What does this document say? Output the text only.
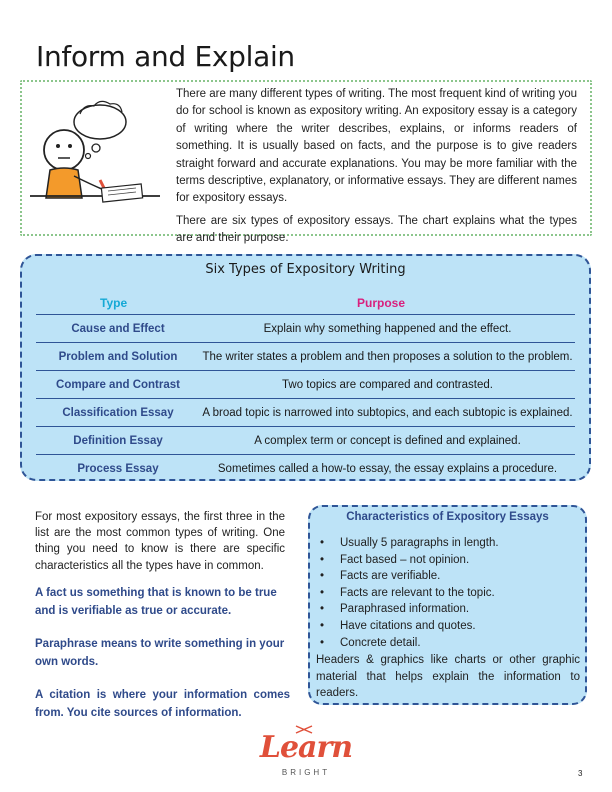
Inform and Explain

There are many different types of writing. The most frequent kind of writing you do for school is known as expository writing. An expository essay is a category of writing where the writer describes, explains, or informs readers of something. It is usually based on facts, and the purpose is to give readers straight forward and accurate explanations. You may be more familiar with the terms descriptive, explanatory, or informative essays. They are different names for expository essays.

There are six types of expository essays. The chart explains what the types are and their purpose.

Six Types of Expository Writing
Type	Purpose
Cause and Effect	Explain why something happened and the effect.
Problem and Solution	The writer states a problem and then proposes a solution to the problem.
Compare and Contrast	Two topics are compared and contrasted.
Classification Essay	A broad topic is narrowed into subtopics, and each subtopic is explained.
Definition Essay	A complex term or concept is defined and explained.
Process Essay	Sometimes called a how-to essay, the essay explains a procedure.

For most expository essays, the first three in the list are the most common types of writing. One thing you need to know is there are specific characteristics all the types have in common.

A fact us something that is known to be true and is verifiable as true or accurate.
Paraphrase means to write something in your own words.
A citation is where your information comes from. You cite sources of information.
Characteristics of Expository Essays
• Usually 5 paragraphs in length.
• Fact based – not opinion.
• Facts are verifiable.
• Facts are relevant to the topic.
• Paraphrased information.
• Have citations and quotes.
• Concrete detail.
Headers & graphics like charts or other graphic material that helps explain the information to readers.
Learn
BRIGHT	3
